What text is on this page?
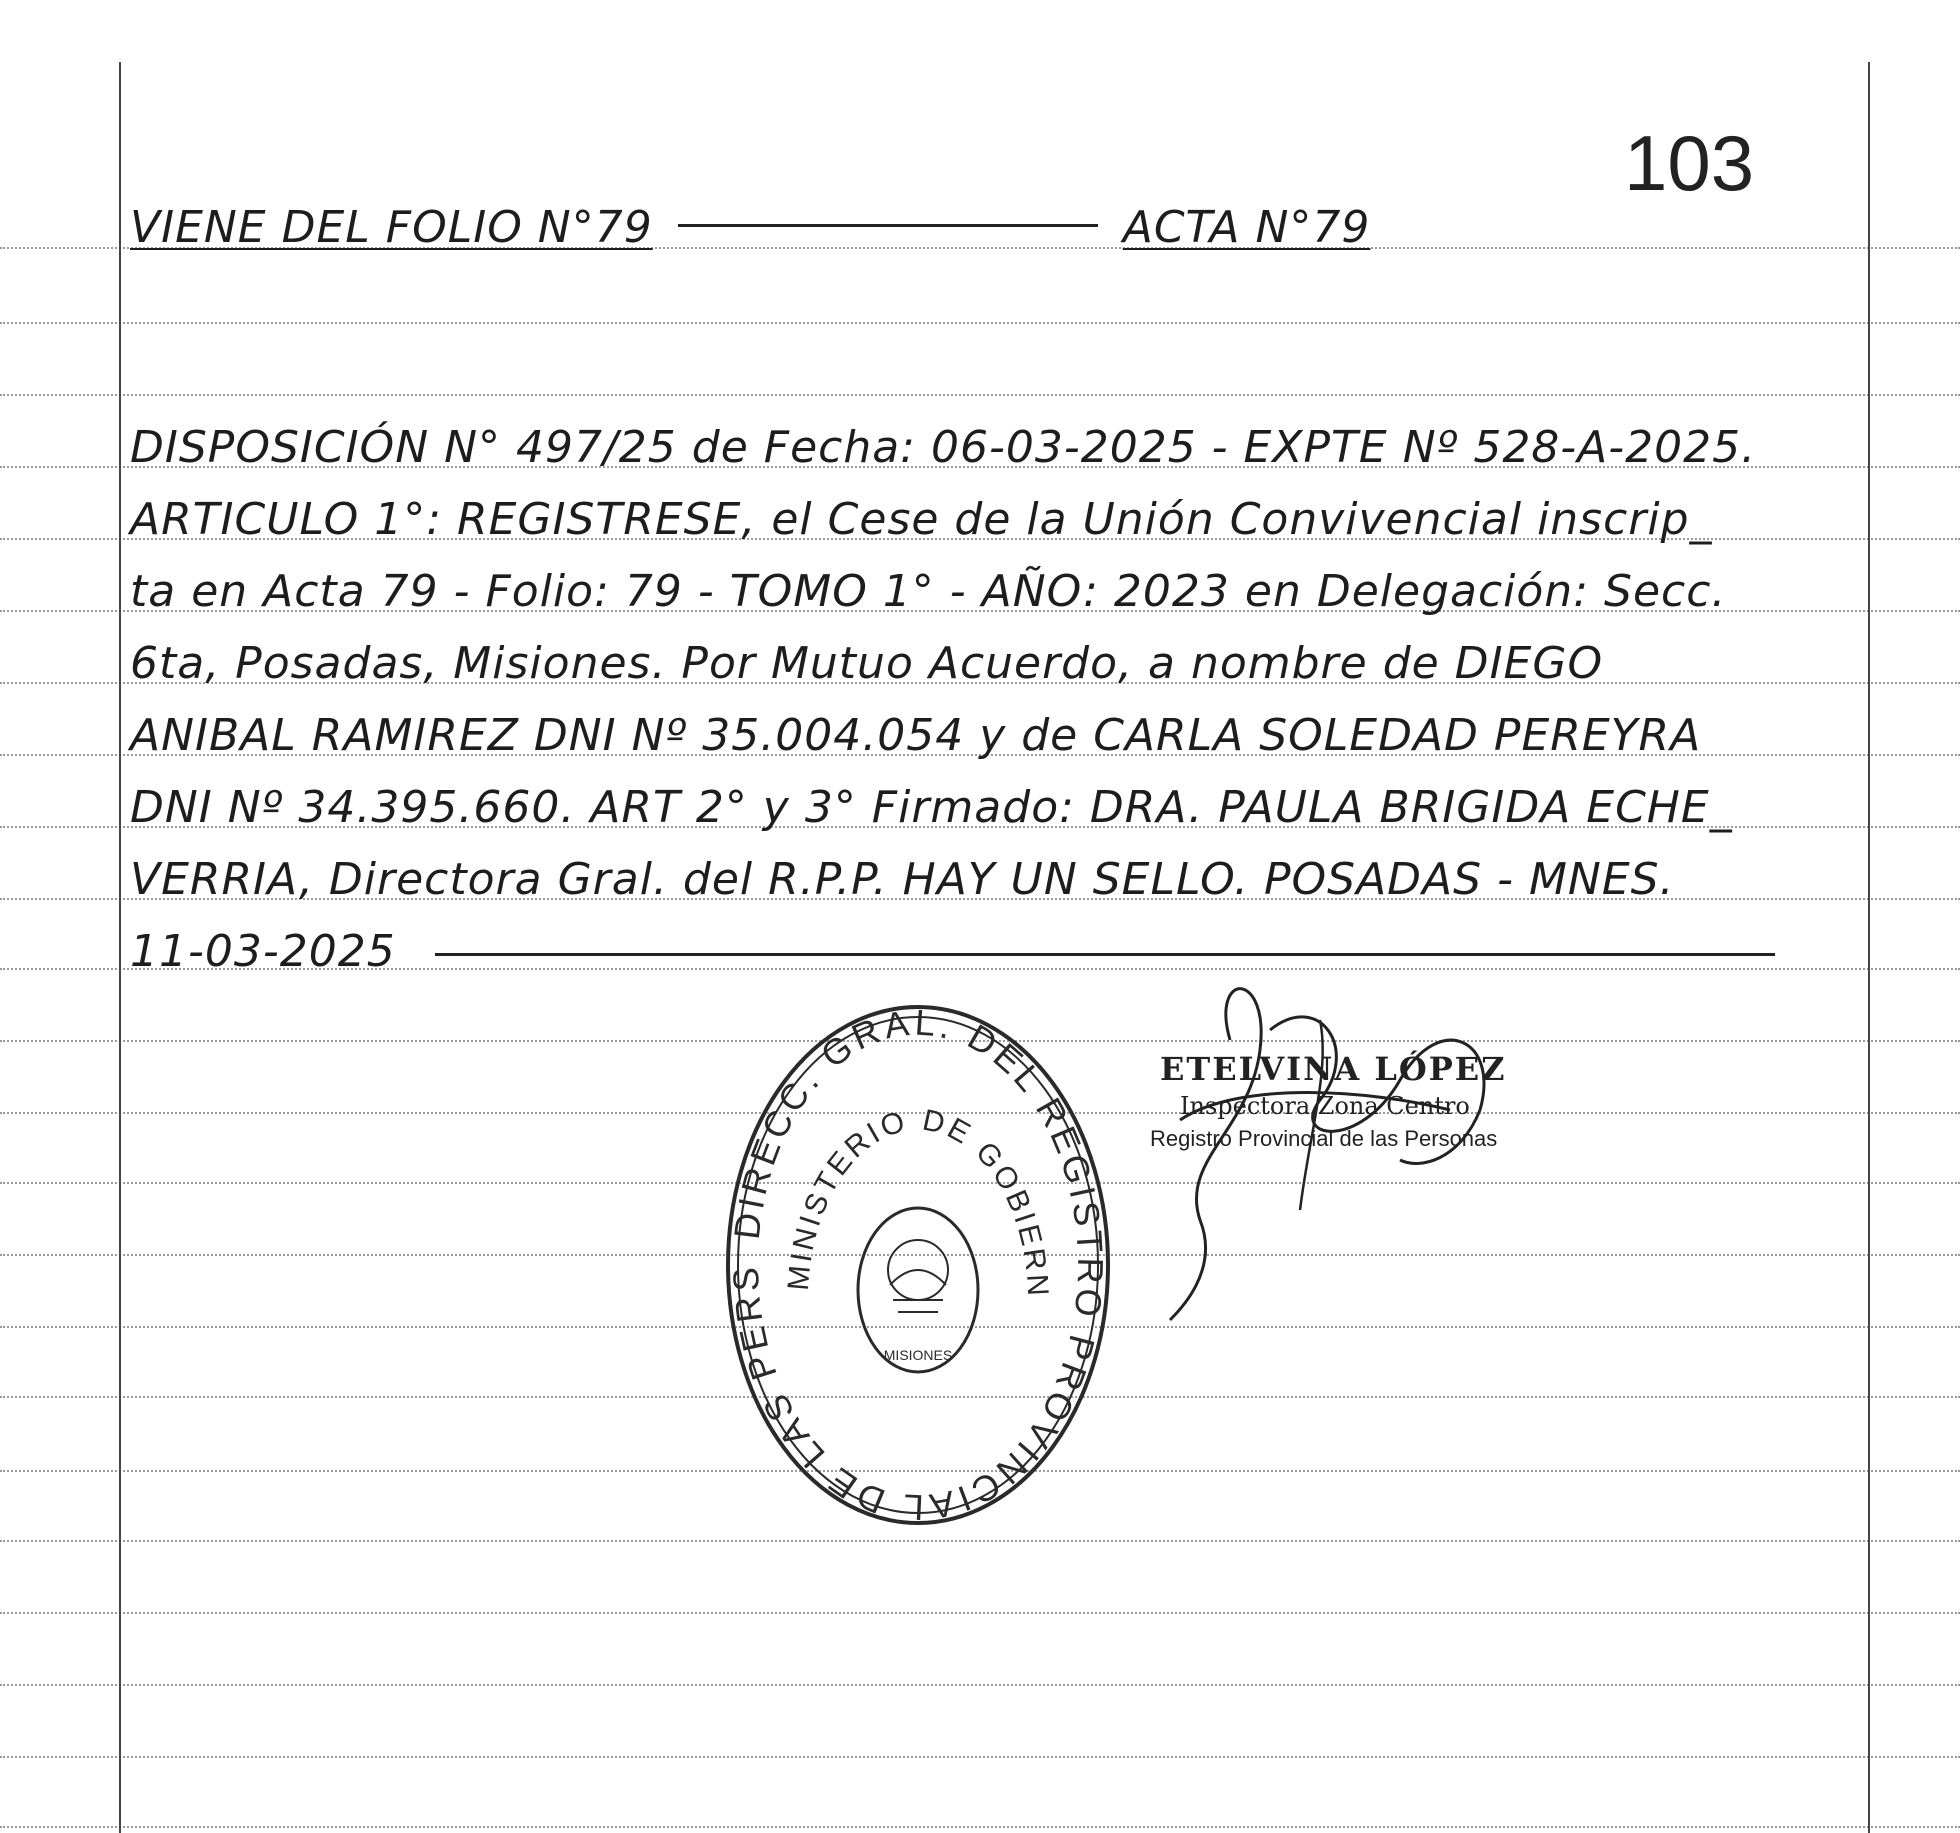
103
VIENE DEL FOLIO N°79	ACTA N°79
DISPOSICIÓN N° 497/25 de Fecha: 06-03-2025 - EXPTE Nº 528-A-2025.
ARTICULO 1°: REGISTRESE, el Cese de la Unión Convivencial inscrip_
ta en Acta 79 - Folio: 79 - TOMO 1° - AÑO: 2023 en Delegación: Secc.
6ta, Posadas, Misiones. Por Mutuo Acuerdo, a nombre de DIEGO
ANIBAL RAMIREZ DNI Nº 35.004.054 y de CARLA SOLEDAD PEREYRA
DNI Nº 34.395.660. ART 2° y 3° Firmado: DRA. PAULA BRIGIDA ECHE_
VERRIA, Directora Gral. del R.P.P. HAY UN SELLO. POSADAS - MNES.
11-03-2025
DIRECC. GRAL. DEL REGISTRO PROVINCIAL DE LAS PERS MINISTERIO DE GOBIERN
MISIONES
ETELVINA LÓPEZ
Inspectora Zona Centro
Registro Provincial de las Personas
